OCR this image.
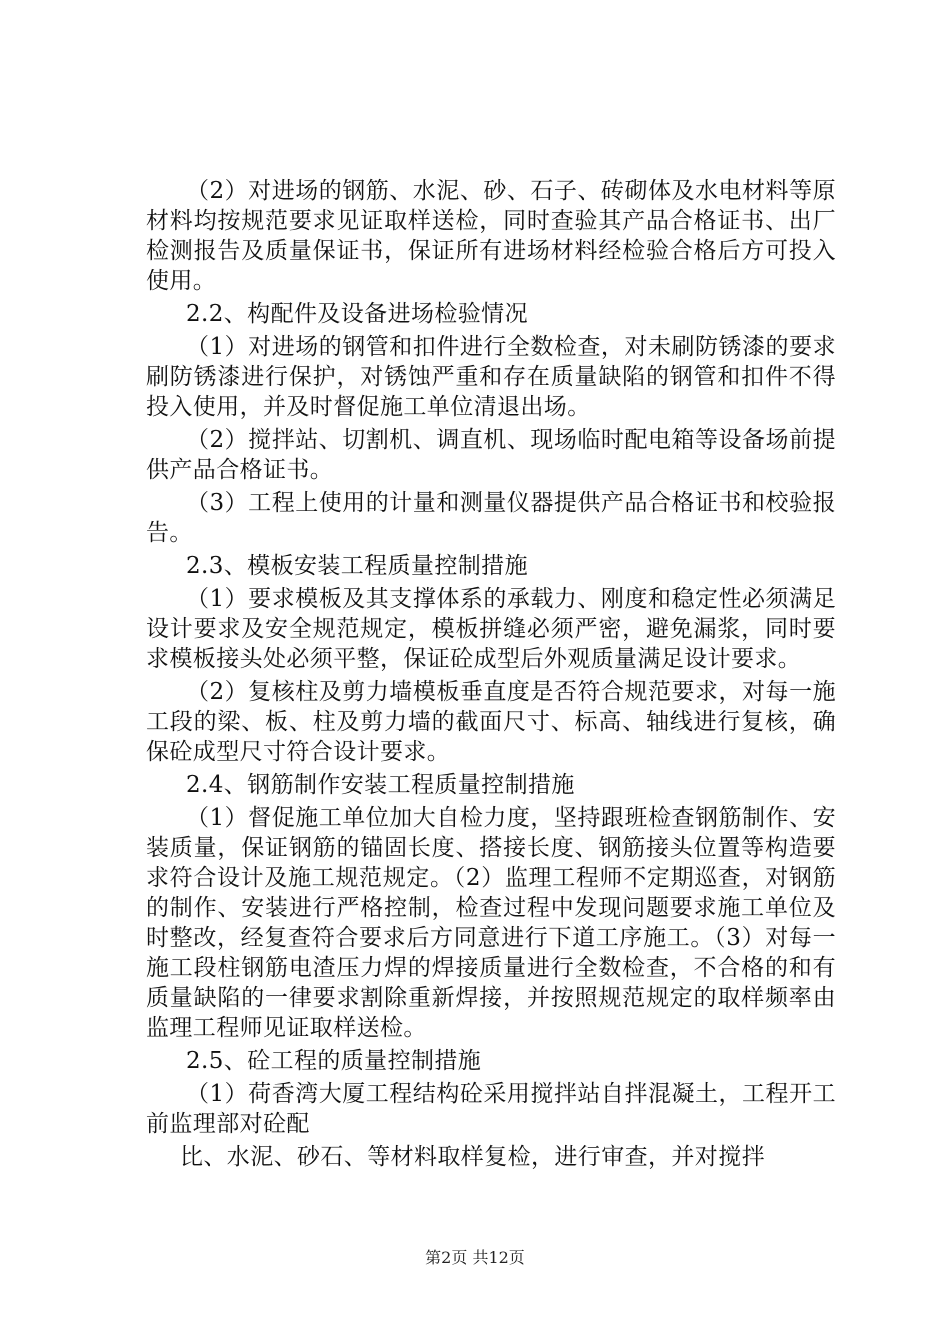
（2）对进场的钢筋、水泥、砂、石子、砖砌体及水电材料等原材料均按规范要求见证取样送检，同时查验其产品合格证书、出厂检测报告及质量保证书，保证所有进场材料经检验合格后方可投入使用。

2.2、构配件及设备进场检验情况

（1）对进场的钢管和扣件进行全数检查，对未刷防锈漆的要求刷防锈漆进行保护，对锈蚀严重和存在质量缺陷的钢管和扣件不得投入使用，并及时督促施工单位清退出场。

（2）搅拌站、切割机、调直机、现场临时配电箱等设备场前提供产品合格证书。

（3）工程上使用的计量和测量仪器提供产品合格证书和校验报告。

2.3、模板安装工程质量控制措施

（1）要求模板及其支撑体系的承载力、刚度和稳定性必须满足设计要求及安全规范规定，模板拼缝必须严密，避免漏浆，同时要求模板接头处必须平整，保证砼成型后外观质量满足设计要求。

（2）复核柱及剪力墙模板垂直度是否符合规范要求，对每一施工段的梁、板、柱及剪力墙的截面尺寸、标高、轴线进行复核，确保砼成型尺寸符合设计要求。

2.4、钢筋制作安装工程质量控制措施

（1）督促施工单位加大自检力度，坚持跟班检查钢筋制作、安装质量，保证钢筋的锚固长度、搭接长度、钢筋接头位置等构造要求符合设计及施工规范规定。（2）监理工程师不定期巡查，对钢筋的制作、安装进行严格控制，检查过程中发现问题要求施工单位及时整改，经复查符合要求后方同意进行下道工序施工。（3）对每一施工段柱钢筋电渣压力焊的焊接质量进行全数检查，不合格的和有质量缺陷的一律要求割除重新焊接，并按照规范规定的取样频率由监理工程师见证取样送检。

2.5、砼工程的质量控制措施

（1）荷香湾大厦工程结构砼采用搅拌站自拌混凝土，工程开工前监理部对砼配

比、水泥、砂石、等材料取样复检，进行审查，并对搅拌

第2页 共12页
